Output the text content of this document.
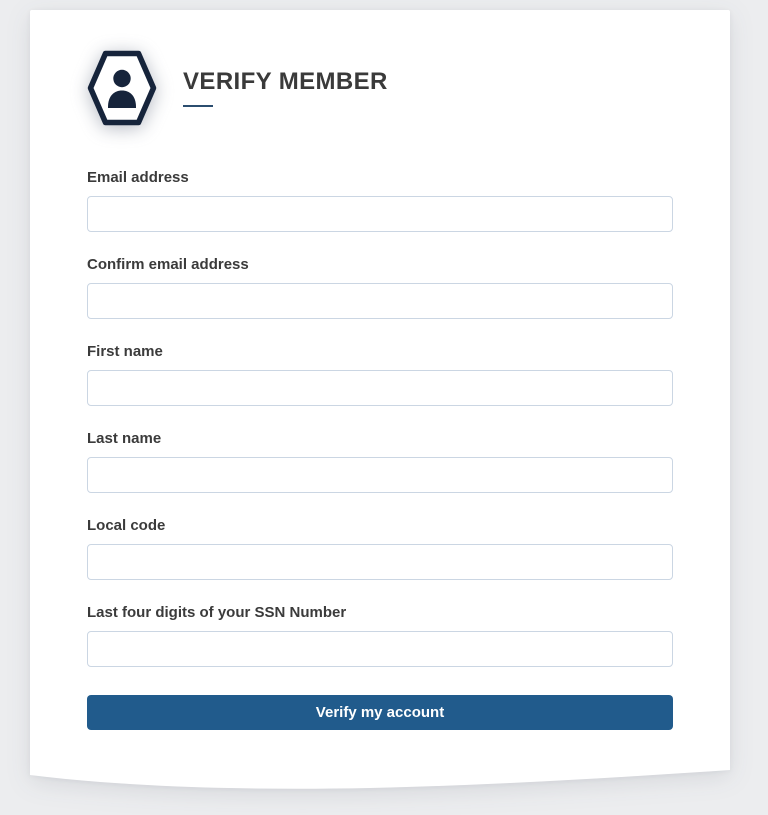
VERIFY MEMBER
Email address
Confirm email address
First name
Last name
Local code
Last four digits of your SSN Number
Verify my account
